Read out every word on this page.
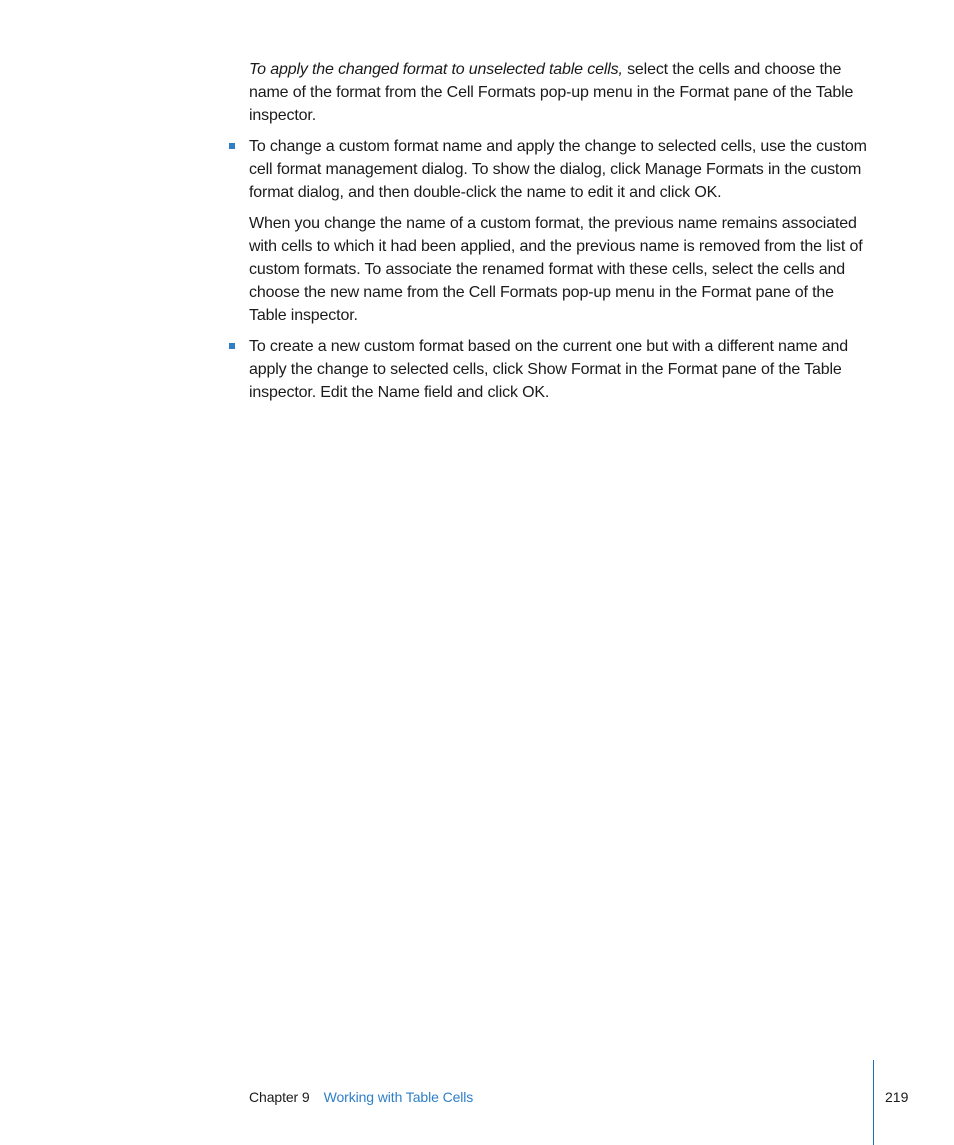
To apply the changed format to unselected table cells, select the cells and choose the name of the format from the Cell Formats pop-up menu in the Format pane of the Table inspector.

To change a custom format name and apply the change to selected cells, use the custom cell format management dialog. To show the dialog, click Manage Formats in the custom format dialog, and then double-click the name to edit it and click OK.

When you change the name of a custom format, the previous name remains associated with cells to which it had been applied, and the previous name is removed from the list of custom formats. To associate the renamed format with these cells, select the cells and choose the new name from the Cell Formats pop-up menu in the Format pane of the Table inspector.

To create a new custom format based on the current one but with a different name and apply the change to selected cells, click Show Format in the Format pane of the Table inspector. Edit the Name field and click OK.
Chapter 9 Working with Table Cells	219
